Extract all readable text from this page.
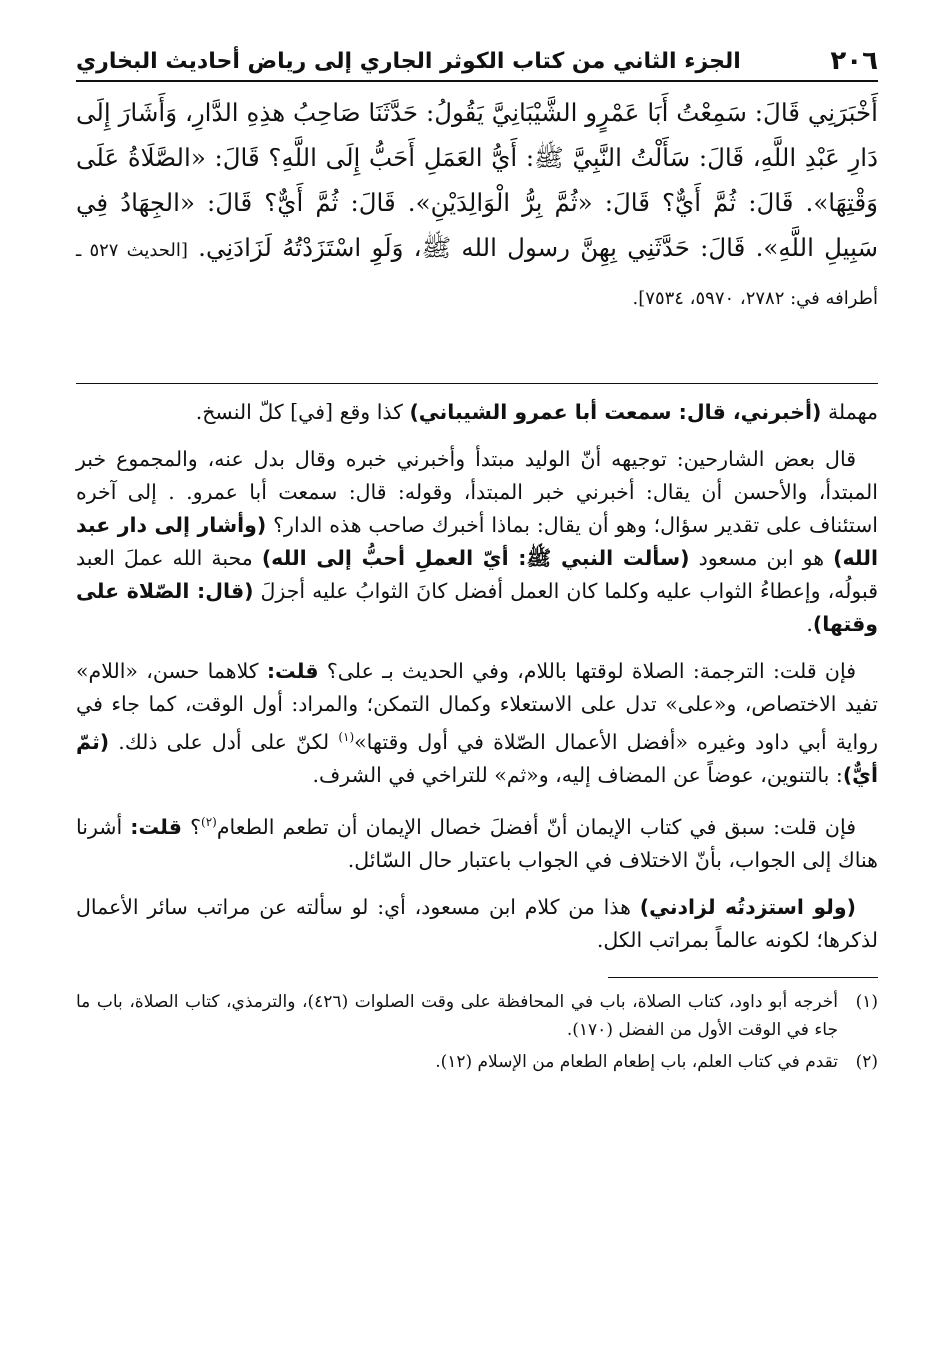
٢٠٦
الجزء الثاني من كتاب الكوثر الجاري إلى رياض أحاديث البخاري
أَخْبَرَنِي قَالَ: سَمِعْتُ أَبَا عَمْرٍو الشَّيْبَانِيَّ يَقُولُ: حَدَّثَنَا صَاحِبُ هذِهِ الدَّارِ، وَأَشَارَ إِلَى دَارِ عَبْدِ اللَّهِ، قَالَ: سَأَلْتُ النَّبِيَّ ﷺ: أَيُّ العَمَلِ أَحَبُّ إِلَى اللَّهِ؟ قَالَ: «الصَّلَاةُ عَلَى وَقْتِهَا». قَالَ: ثُمَّ أَيٌّ؟ قَالَ: «ثُمَّ بِرُّ الْوَالِدَيْنِ». قَالَ: ثُمَّ أَيٌّ؟ قَالَ: «الجِهَادُ فِي سَبِيلِ اللَّهِ». قَالَ: حَدَّثَنِي بِهِنَّ رسول الله ﷺ، وَلَوِ اسْتَزَدْتُهُ لَزَادَنِي. [الحديث ٥٢٧ ـ أطرافه في: ٢٧٨٢، ٥٩٧٠، ٧٥٣٤].

مهملة (أخبرني، قال: سمعت أبا عمرو الشيباني) كذا وقع [في] كلّ النسخ.

قال بعض الشارحين: توجيهه أنّ الوليد مبتدأ وأخبرني خبره وقال بدل عنه، والمجموع خبر المبتدأ، والأحسن أن يقال: أخبرني خبر المبتدأ، وقوله: قال: سمعت أبا عمرو. . إلى آخره استئناف على تقدير سؤال؛ وهو أن يقال: بماذا أخبرك صاحب هذه الدار؟ (وأشار إلى دار عبد الله) هو ابن مسعود (سألت النبي ﷺ: أيّ العملِ أحبُّ إلى الله) محبة الله عملَ العبد قبولُه، وإعطاءُ الثواب عليه وكلما كان العمل أفضل كانَ الثوابُ عليه أجزلَ (قال: الصّلاة على وقتها).

فإن قلت: الترجمة: الصلاة لوقتها باللام، وفي الحديث بـ على؟ قلت: كلاهما حسن، «اللام» تفيد الاختصاص، و«على» تدل على الاستعلاء وكمال التمكن؛ والمراد: أول الوقت، كما جاء في رواية أبي داود وغيره «أفضل الأعمال الصّلاة في أول وقتها»$^{(١)}$ لكنّ على أدل على ذلك. (ثمّ أيٌّ): بالتنوين، عوضاً عن المضاف إليه، و«ثم» للتراخي في الشرف.

فإن قلت: سبق في كتاب الإيمان أنّ أفضلَ خصال الإيمان أن تطعم الطعام$^{(٢)}$؟ قلت: أشرنا هناك إلى الجواب، بأنّ الاختلاف في الجواب باعتبار حال السّائل.

(ولو استزدتُه لزادني) هذا من كلام ابن مسعود، أي: لو سألته عن مراتب سائر الأعمال لذكرها؛ لكونه عالماً بمراتب الكل.

(١)
أخرجه أبو داود، كتاب الصلاة، باب في المحافظة على وقت الصلوات (٤٢٦)، والترمذي، كتاب الصلاة، باب ما جاء في الوقت الأول من الفضل (١٧٠).
(٢)
تقدم في كتاب العلم، باب إطعام الطعام من الإسلام (١٢).
